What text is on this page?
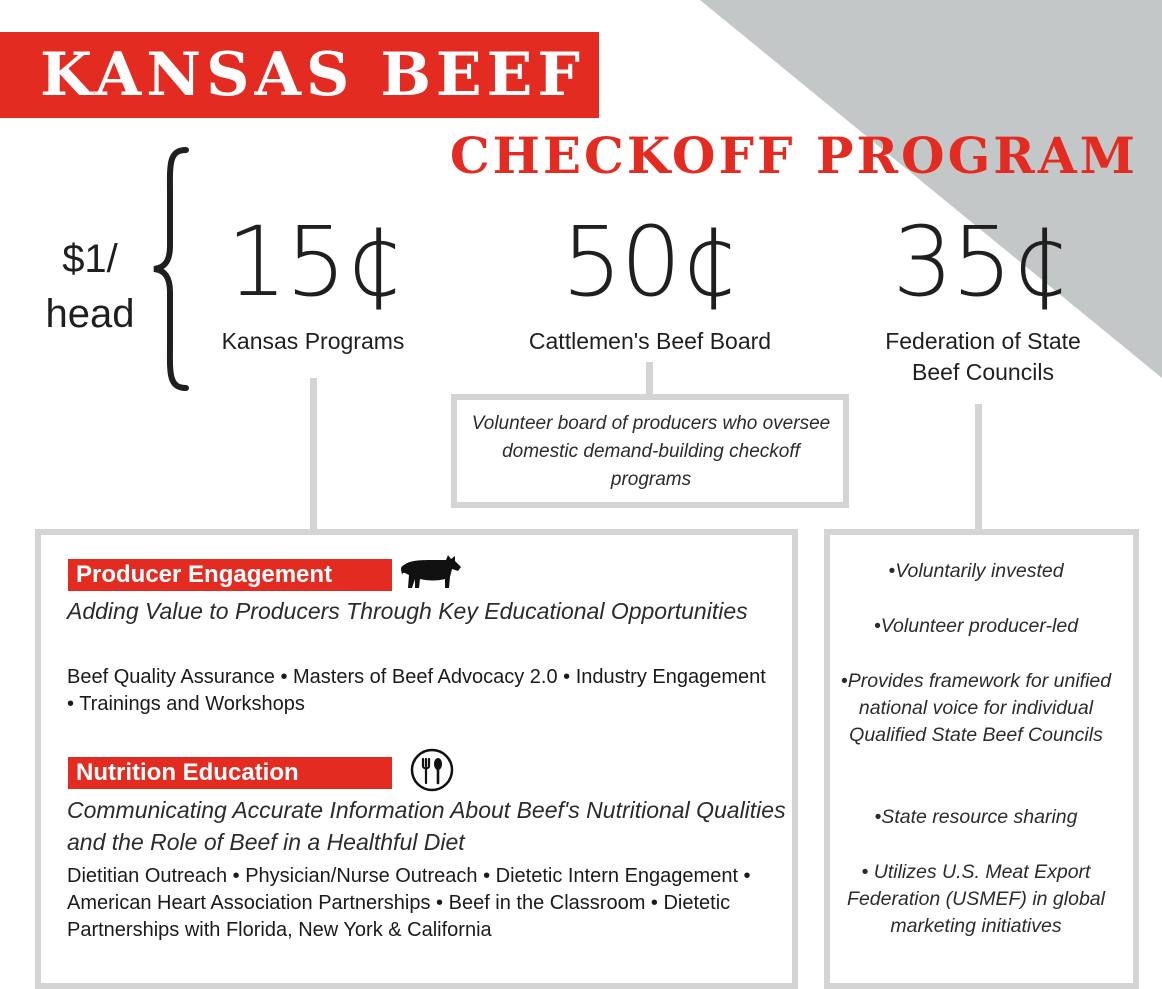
KANSAS BEEF
CHECKOFF PROGRAM
$1/
head 15¢
Kansas Programs
50¢
Cattlemen's Beef Board
35¢
Federation of State Beef Councils
Volunteer board of producers who oversee domestic demand-building checkoff programs
Producer Engagement
Adding Value to Producers Through Key Educational Opportunities
Beef Quality Assurance • Masters of Beef Advocacy 2.0 • Industry Engagement • Trainings and Workshops
Nutrition Education
Communicating Accurate Information About Beef's Nutritional Qualities and the Role of Beef in a Healthful Diet
Dietitian Outreach • Physician/Nurse Outreach • Dietetic Intern Engagement • American Heart Association Partnerships • Beef in the Classroom • Dietetic Partnerships with Florida, New York & California
•Voluntarily invested
•Volunteer producer-led
•Provides framework for unified national voice for individual Qualified State Beef Councils
•State resource sharing
• Utilizes U.S. Meat Export Federation (USMEF) in global marketing initiatives
